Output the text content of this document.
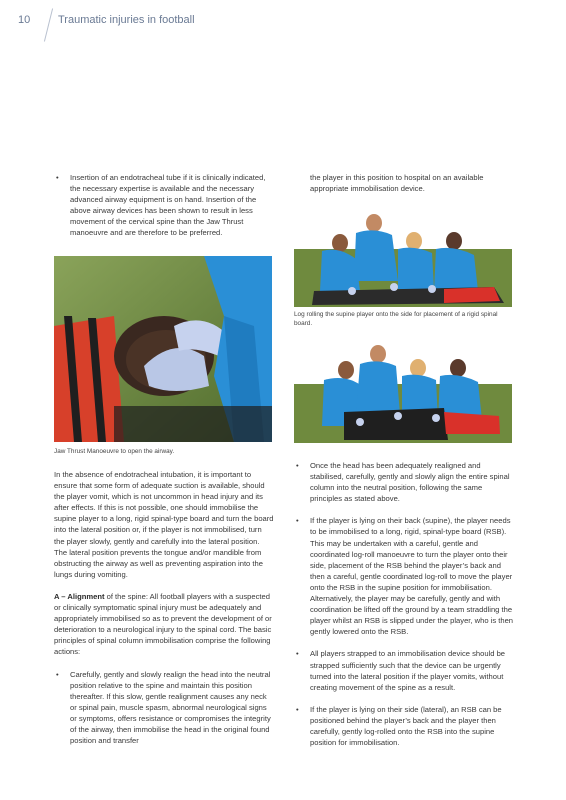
10	Traumatic injuries in football
• Insertion of an endotracheal tube if it is clinically indicated, the necessary expertise is available and the necessary advanced airway equipment is on hand. Insertion of the above airway devices has been shown to result in less movement of the cervical spine than the Jaw Thrust manoeuvre and are therefore to be preferred.
Jaw Thrust Manoeuvre to open the airway.

In the absence of endotracheal intubation, it is important to ensure that some form of adequate suction is available, should the player vomit, which is not uncommon in head injury and its after effects. If this is not possible, one should immobilise the supine player to a long, rigid spinal-type board and turn the board into the lateral position or, if the player is not immobilised, turn the player slowly, gently and carefully into the lateral position. The lateral position prevents the tongue and/or mandible from obstructing the airway as well as preventing aspiration into the lungs during vomiting.

A – Alignment of the spine: All football players with a suspected or clinically symptomatic spinal injury must be adequately and appropriately immobilised so as to prevent the development of or deterioration to a neurological injury to the spinal cord. The basic principles of spinal column immobilisation comprise the following actions:

• Carefully, gently and slowly realign the head into the neutral position relative to the spine and maintain this position thereafter. If this slow, gentle realignment causes any neck or spinal pain, muscle spasm, abnormal neurological signs or symptoms, offers resistance or compromises the integrity of the airway, then immobilise the head in the original found position and transfer
the player in this position to hospital on an available appropriate immobilisation device.
Log rolling the supine player onto the side for placement of a rigid spinal board.
• Once the head has been adequately realigned and stabilised, carefully, gently and slowly align the entire spinal column into the neutral position, following the same principles as stated above.
• If the player is lying on their back (supine), the player needs to be immobilised to a long, rigid, spinal-type board (RSB). This may be undertaken with a careful, gentle and coordinated log-roll manoeuvre to turn the player onto their side, placement of the RSB behind the player’s back and then a careful, gentle coordinated log-roll to move the player onto the RSB in the supine position for immobilisation. Alternatively, the player may be carefully, gently and with coordination be lifted off the ground by a team straddling the player whilst an RSB is slipped under the player, who is then gently lowered onto the RSB.
• All players strapped to an immobilisation device should be strapped sufficiently such that the device can be urgently turned into the lateral position if the player vomits, without creating movement of the spine as a result.
• If the player is lying on their side (lateral), an RSB can be positioned behind the player’s back and the player then carefully, gently log-rolled onto the RSB into the supine position for immobilisation.
